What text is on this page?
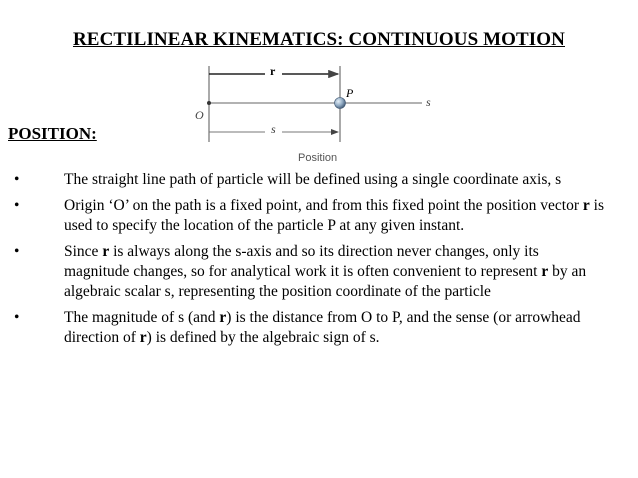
RECTILINEAR KINEMATICS: CONTINUOUS MOTION
r
P
s
O
s
Position
POSITION:
•	The straight line path of particle will be defined using a single coordinate axis, s
•	Origin ‘O’ on the path is a fixed point, and from this fixed point the position vector r is used to specify the location of the particle P at any given instant.
•	Since r is always along the s-axis and so its direction never changes, only its magnitude changes, so for analytical work it is often convenient to represent r by an algebraic scalar s, representing the position coordinate of the particle
•	The magnitude of s (and r) is the distance from O to P, and the sense (or arrowhead direction of r) is defined by the algebraic sign of s.
